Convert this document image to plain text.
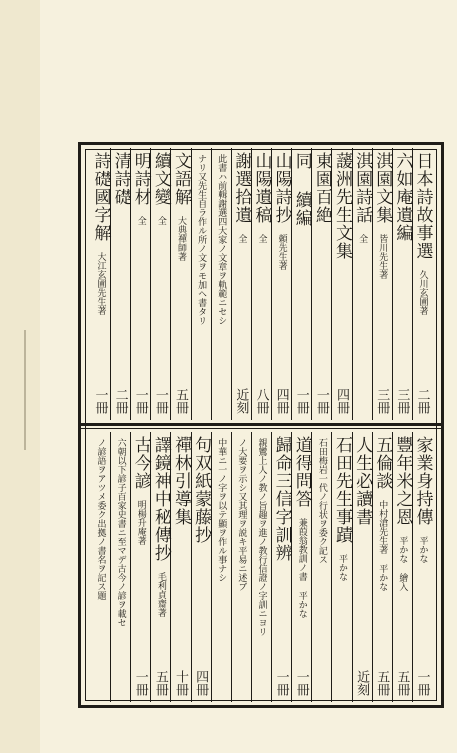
日本詩故事選
久川玄圃著
二冊
六如庵遺編
三冊
淇園文集
皆川先生著
三冊
淇園詩話
全
蘐洲先生文集
四冊
東園百絶
一冊
同 續編
一冊
山陽詩抄
頼先生著
四冊
山陽遺稿
全
八冊
謝選拾遺
全
近刻
此書ハ前輯謝選四大家ノ文章ヲ軌範ニセシ
ナリ又先生自ラ作ル所ノ文ヲモ加ヘ書タリ
文語解
大典禪師著
五冊
續文變
全
一冊
明詩材
全
一冊
清詩礎
二冊
詩礎國字解
大江玄圃先生著
一冊
家業身持傳
平かな
一冊
豐年米之恩
平かな 繪入
五冊
五倫談
中村滄先生著 平かな
五冊
人生必讀書
近刻
石田先生事蹟
平かな
石田梅岩一代ノ行状ヲ委ク記ス
道得問答
兼葭翁教訓ノ書 平かな
一冊
歸命三信字訓辨
一冊
親鸞上人ノ教ノ旨趣ヲ進ノ教行信證ノ字訓ニヨリ
ノ大要ヲ示シ又其理ヲ説キ平易ニ述ブ
中華ニ一ノ字ヲ以テ顯ヲ作ル事ナシ
句双紙蒙藤抄
四冊
禪林引導集
十冊
譯鏡神中秘傳抄
毛利貞齋著
五冊
古今諺
明楊升庵著
一冊
六朝以下諺子百家史書ニ至マデ古今ノ諺ヲ載セ
ノ諺語ヲアツメ委ク出拠ノ書名ヲ記ス題
